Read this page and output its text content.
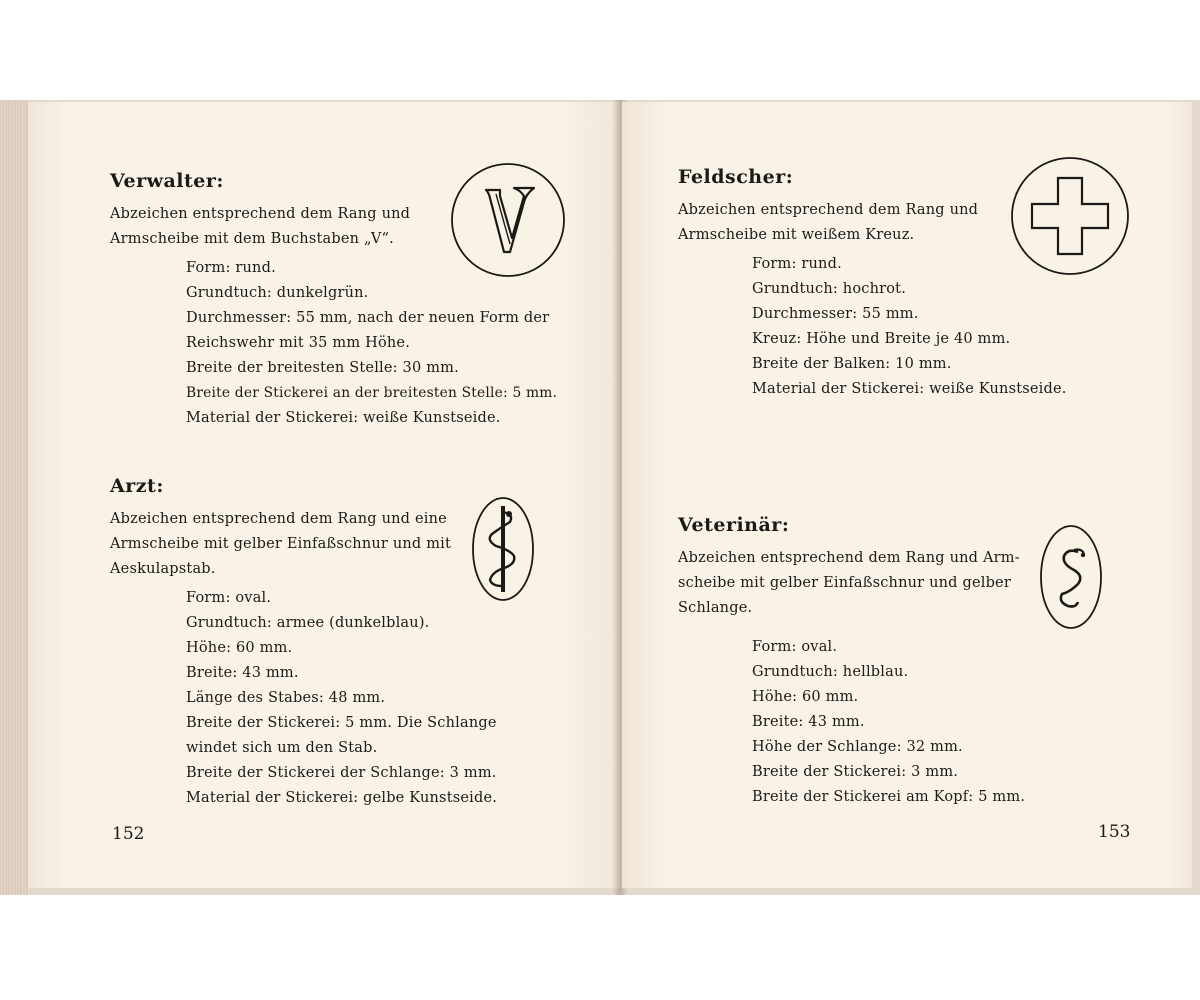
Verwalter:

Abzeichen entsprechend dem Rang und

Armscheibe mit dem Buchstaben „V“.

Form: rund.
Grundtuch: dunkelgrün.
Durchmesser: 55 mm, nach der neuen Form der
Reichswehr mit 35 mm Höhe.
Breite der breitesten Stelle: 30 mm.
Breite der Stickerei an der breitesten Stelle: 5 mm.
Material der Stickerei: weiße Kunstseide.
Arzt:

Abzeichen entsprechend dem Rang und eine

Armscheibe mit gelber Einfaßschnur und mit

Aeskulapstab.

Form: oval.
Grundtuch: armee (dunkelblau).
Höhe: 60 mm.
Breite: 43 mm.
Länge des Stabes: 48 mm.
Breite der Stickerei: 5 mm. Die Schlange
windet sich um den Stab.
Breite der Stickerei der Schlange: 3 mm.
Material der Stickerei: gelbe Kunstseide.
152
Feldscher:

Abzeichen entsprechend dem Rang und

Armscheibe mit weißem Kreuz.

Form: rund.
Grundtuch: hochrot.
Durchmesser: 55 mm.
Kreuz: Höhe und Breite je 40 mm.
Breite der Balken: 10 mm.
Material der Stickerei: weiße Kunstseide.
Veterinär:

Abzeichen entsprechend dem Rang und Arm-

scheibe mit gelber Einfaßschnur und gelber

Schlange.

Form: oval.
Grundtuch: hellblau.
Höhe: 60 mm.
Breite: 43 mm.
Höhe der Schlange: 32 mm.
Breite der Stickerei: 3 mm.
Breite der Stickerei am Kopf: 5 mm.
153
